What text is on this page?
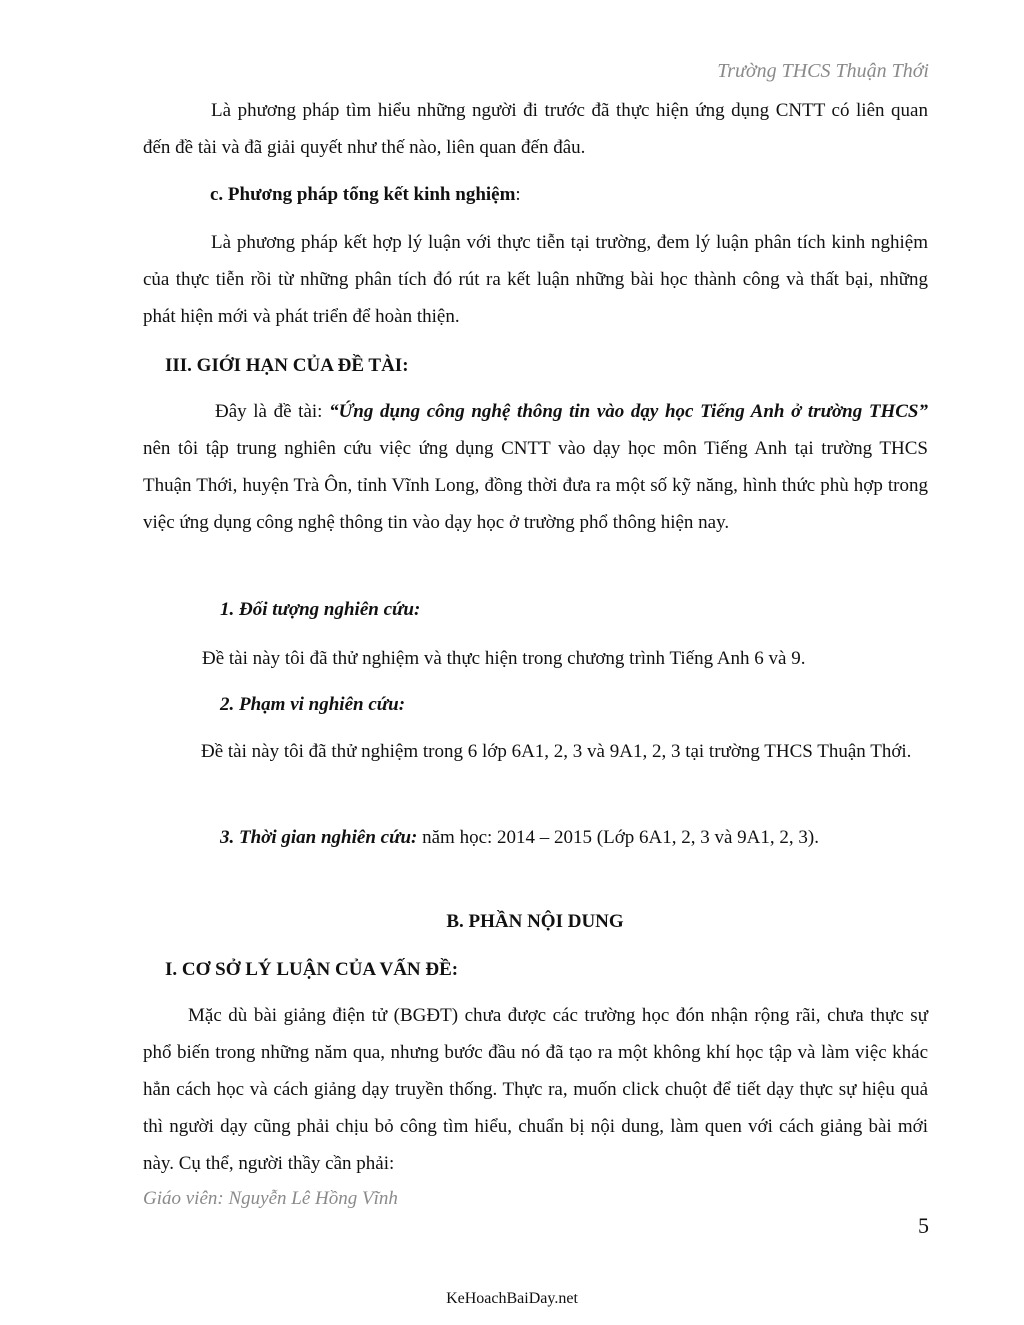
Trường THCS Thuận Thới

Là phương pháp tìm hiểu những người đi trước đã thực hiện ứng dụng CNTT có liên quan đến đề tài và đã giải quyết như thế nào, liên quan đến đâu.

c. Phương pháp tổng kết kinh nghiệm:

Là phương pháp kết hợp lý luận với thực tiễn tại trường, đem lý luận phân tích kinh nghiệm của thực tiễn rồi từ những phân tích đó rút ra kết luận những bài học thành công và thất bại, những phát hiện mới và phát triển để hoàn thiện.

III. GIỚI HẠN CỦA ĐỀ TÀI:

Đây là đề tài: “Ứng dụng công nghệ thông tin vào dạy học Tiếng Anh ở trường THCS” nên tôi tập trung nghiên cứu việc ứng dụng CNTT vào dạy học môn Tiếng Anh tại trường THCS Thuận Thới, huyện Trà Ôn, tỉnh Vĩnh Long, đồng thời đưa ra một số kỹ năng, hình thức phù hợp trong việc ứng dụng công nghệ thông tin vào dạy học ở trường phổ thông hiện nay.

1. Đối tượng nghiên cứu:
Đề tài này tôi đã thử nghiệm và thực hiện trong chương trình Tiếng Anh 6 và 9.
2. Phạm vi nghiên cứu:

Đề tài này tôi đã thử nghiệm trong 6 lớp 6A1, 2, 3 và 9A1, 2, 3 tại trường THCS Thuận Thới.

3. Thời gian nghiên cứu: năm học: 2014 – 2015 (Lớp 6A1, 2, 3 và 9A1, 2, 3).
B. PHẦN NỘI DUNG
I. CƠ SỞ LÝ LUẬN CỦA VẤN ĐỀ:

Mặc dù bài giảng điện tử (BGĐT) chưa được các trường học đón nhận rộng rãi, chưa thực sự phổ biến trong những năm qua, nhưng bước đầu nó đã tạo ra một không khí học tập và làm việc khác hẳn cách học và cách giảng dạy truyền thống. Thực ra, muốn click chuột để tiết dạy thực sự hiệu quả thì người dạy cũng phải chịu bỏ công tìm hiểu, chuẩn bị nội dung, làm quen với cách giảng bài mới này. Cụ thể, người thầy cần phải:

Giáo viên: Nguyễn Lê Hồng Vĩnh
5
KeHoachBaiDay.net
